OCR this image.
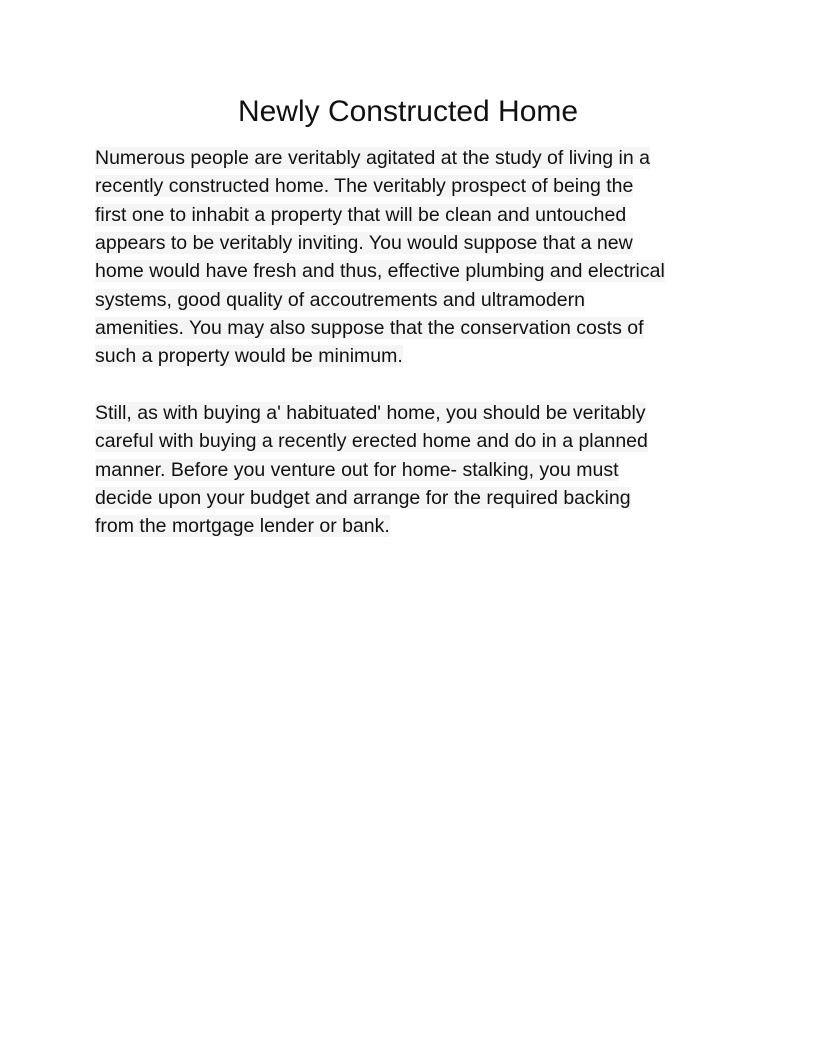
Newly Constructed Home
Numerous people are veritably agitated at the study of living in a
recently constructed home. The veritably prospect of being the
first one to inhabit a property that will be clean and untouched
appears to be veritably inviting. You would suppose that a new
home would have fresh and thus, effective plumbing and electrical
systems, good quality of accoutrements and ultramodern
amenities. You may also suppose that the conservation costs of
such a property would be minimum.
Still, as with buying a' habituated' home, you should be veritably
careful with buying a recently erected home and do in a planned
manner. Before you venture out for home- stalking, you must
decide upon your budget and arrange for the required backing
from the mortgage lender or bank.
